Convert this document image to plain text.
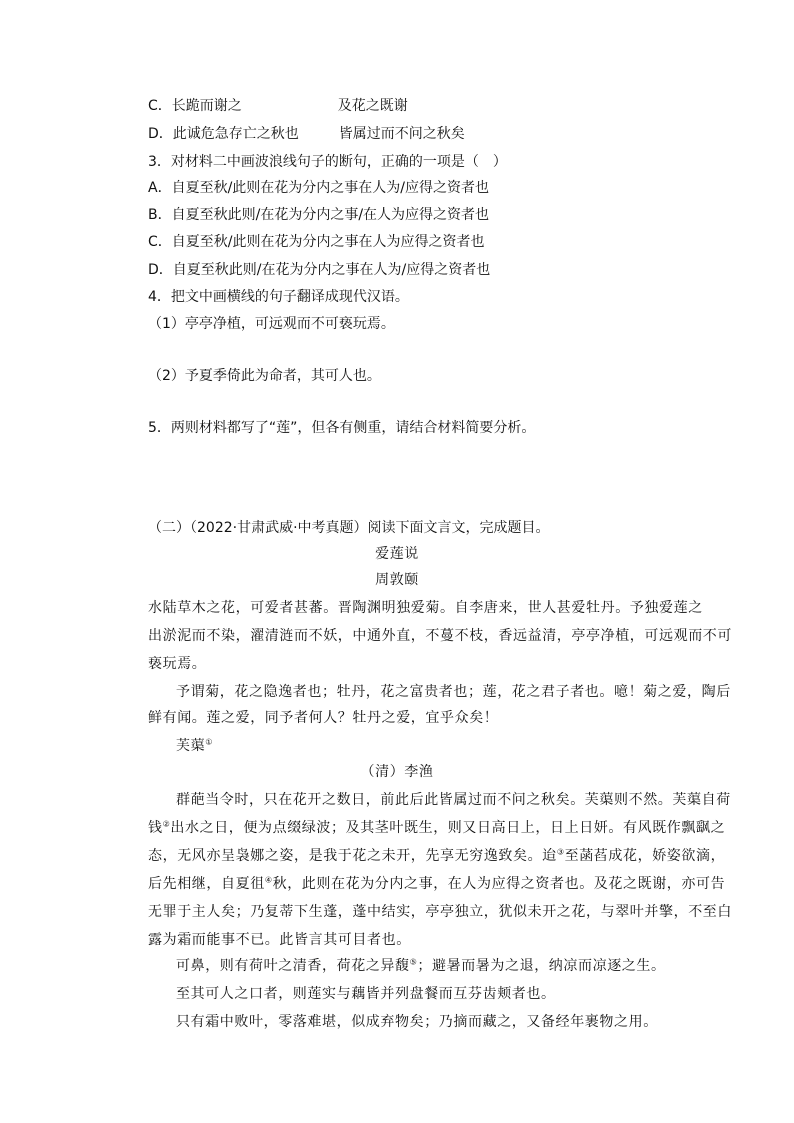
C．长跪而谢之	及花之既谢
D．此诚危急存亡之秋也	皆属过而不问之秋矣
3．对材料二中画波浪线句子的断句，正确的一项是（　）
A．自夏至秋/此则在花为分内之事在人为/应得之资者也
B．自夏至秋此则/在花为分内之事/在人为应得之资者也
C．自夏至秋/此则在花为分内之事在人为应得之资者也
D．自夏至秋此则/在花为分内之事在人为/应得之资者也
4．把文中画横线的句子翻译成现代汉语。
（1）亭亭净植，可远观而不可亵玩焉。
（2）予夏季倚此为命者，其可人也。
5．两则材料都写了“莲”，但各有侧重，请结合材料简要分析。
（二）（2022·甘肃武威·中考真题）阅读下面文言文，完成题目。
爱莲说
周敦颐
水陆草木之花，可爱者甚蕃。晋陶渊明独爱菊。自李唐来，世人甚爱牡丹。予独爱莲之
出淤泥而不染，濯清涟而不妖，中通外直，不蔓不枝，香远益清，亭亭净植，可远观而不可
亵玩焉。
予谓菊，花之隐逸者也；牡丹，花之富贵者也；莲，花之君子者也。噫！菊之爱，陶后
鲜有闻。莲之爱，同予者何人？牡丹之爱，宜乎众矣！
芙蕖①
（清）李渔
群葩当令时，只在花开之数日，前此后此皆属过而不问之秋矣。芙蕖则不然。芙蕖自荷
钱②出水之日，便为点缀绿波；及其茎叶既生，则又日高日上，日上日妍。有风既作飘飖之
态，无风亦呈袅娜之姿，是我于花之未开，先享无穷逸致矣。迨③至菡萏成花，娇姿欲滴，
后先相继，自夏徂④秋，此则在花为分内之事，在人为应得之资者也。及花之既谢，亦可告
无罪于主人矣；乃复蒂下生蓬，蓬中结实，亭亭独立，犹似未开之花，与翠叶并擎，不至白
露为霜而能事不已。此皆言其可目者也。
可鼻，则有荷叶之清香，荷花之异馥⑤；避暑而暑为之退，纳凉而凉逐之生。
至其可人之口者，则莲实与藕皆并列盘餐而互芬齿颊者也。
只有霜中败叶，零落难堪，似成弃物矣；乃摘而藏之，又备经年裹物之用。
